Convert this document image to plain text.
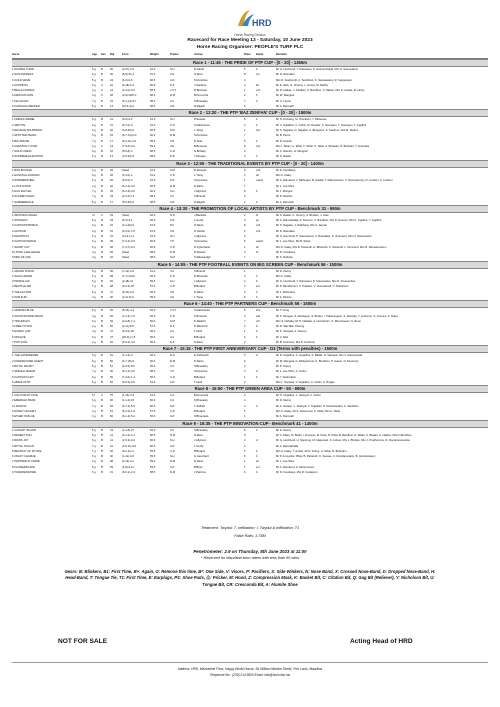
HRD
Horse Racing Division
Racecard for Race Meeting 13 - Saturday, 10 June 2023
Horse Racing Organiser: PEOPLE'S TURF PLC
Horse	Age Sex Rtg	Form	Weight	Trainer	Jockey	Draw Equip	Remarks
Race 1 - 11:45 - THE PRIDE OF PTP CUP - [0 - 20] - 1365m
1 DOUBLE THINK	6 g B	20	(3-27)-0-4	61.0	S.H	D.Gandi	5	b	Mr G. Hurchund, Y. Ramassur, P. Gramoochaud, Mrs N. Sreeneebus
2 SAN ANDREAS	6 g B	20	(5-5)-61-4	61.0	V.H	N.Ross	8	c/u	Mr D. Ramdass
3 GOLD WAVE	5 g B	24	(4-2)-0-6	60.5	A.D	S.Donohoe	4	Mrs D. Seeboruth, A. Sembhoo, K. Veerasawmy, R. Suppaniyen
4 CAPRIOTA	6 g C	22	(4-18)-6-3	60.5	D.Z	J.Gardiner	3	bh	Mr D. Ziah, G. Choony, L. Goopy, M. Daddy
5 BELLA FIORINO	4 g C	21	(3-4-0)-0-3	58.5	J.V.T	R.Bowman	1	vcb	Mr R. Halkes, J. Chalkes, K. Bundhoo, V. Naiken, Mrs D. Lebale, M. Henry
6 AFRICAN FATE	4 g C	28	(4-9)-GPK-1	58.0	R.M	B.Dromoshi	2	b	Mr W. Mangeot
7 FALAH RAY	7 g B	15	(5-4-14)-8-7	58.0	V.A	S.Bheekary	7	h	Mr C. Leprie
8 CAROLINA REAPER	5 g B	14	(15-3-4)-0	58.0	A.R	R.Rajesh	6	Mr A. Ramnath
Race 2 - 12:20 - THE PTP 'BAZ ZENFAN' CUP - [0 - 20] - 1500m
1 FRENCH REBEL	6 g B	21	(9-6)-0-2	61.0	S.H	P.Nossan	6	b	Mr N. Ah-Hang, M. Orockoon, Y. Ribeenee
2 SMUTTE	6 g B	21	(6-7-0)-0	61.0	C.D	K.Matchanan	2	b	Mr V. Gujadhur, C. Gohin, M. Rosetel, S. Veerapen, T. Veerapen, T. Jugdhut
3 DHARLIE SOUPERON	6 g B	20	(6-8-20)-0	60.5	S.M	L.Tiang	1	vbc	Mr S. Nagalso, D. Nagalso, K. Bongoroo, K. Seebrun, Mrs M. Taukun
4 SPOTTED PEARL	5 g B	15	(9-7-14)-0-0	60.0	R.M	S.Donohoe	7	Mr B. Pierre
5 BIG SMOKE	7 g B	17	(5-4-11)-2-0	59.5	V.R	D.Sola	5	b	Mr R. Hosuth
6 CHESTNUT COVE	4 g C	13	(7-9-6)-0-0	59.0	V.E	B.Bowman	8	vcb	Mrs I. Tahan, A. Tahar, F. Tahar, S. Tahar, A. Behadur, N. Behadur, Y. Gramdas
7 GOLD LINING	6 g B	16	(5-0-8)-4	58.5	C.R	N.Birhday	4	Mr C. Ramkin, H. Mungoel
8 SUPREME ELEVATION	6 g B	14	(3-6-29)-5	58.0	N.R	Y.Mungee	3	b	Mr S. Rawat
Race 3 - 12:55 - THE TRADITIONAL EVENTS BY PTP CUP - [0 - 20] - 1400m
1 BON BOYAGE	4 g B	25	(New)	61.0	S.M	D.Dooeyle	6	vstt	Mr D. Fooddeep
2 HANSTALLHORNAN	6 g B	26	(3-4-0)-1	61.0	C.D	L.Tiang	4	sb	Mrs K. Daley
3 SOMMERSTEEL	6 g B	26	(6-0-0)-0	61.0	K.R	S.Donohoe	1	cap/ct	Mr A. Ramasud, J. Rathogoo, B. Gadda, T. Mahnoomoot, U. Nooroptonoty, D. Lutchun, F. Lutchun
4 LOCK DOWN	4 g B	20	(5-3-4)-0-0	60.5	R.M	D.Davis	7	Mr J. Lee-Shim
5 HAO FAZ NAL	7 g B	25	(6-4-3)-0-0	60.0	S.H	J.Allynson	8	b	Mr J. Mungoo
6 SACRED NIGHT	7 g B	23	(4-3-27)-3	58.5	V.A	S.Bhendt	5	Mr D. Ramkin
7 SUMMERHOLE	5 g B	17	(5-0-20)-6	58.0	A.R	R.Rajesh	2	b	Mr A. Ramnath
Race 4 - 13:30 - THE PROMOTION OF LOCAL ARTISTS BY PTP CUP - Benchmark 31 - 990m
1 IMPOSING ANGEL	4 f C	33	(New)	62.0	N.R	J.Bardotte	2	tb	Mr S. Rawat, C. Choony, S. Bholtoo, J. Jean
2 STRAIGHT	5 g B	33	(5-3)-3-1	62.0	A.R	L.Gordy	9	sp	Mr A. Ramnathalla, R. Doorum, K. Bundhoo, Mrs D. Doorum, Mrs K. Jugdhut, Y. Jugdhut
3 CAPTAINSTRIMAN	4 g B	31	(4-4-20)-5	61.5	P.V	D.Davis	8	vcb	Mr S. Nagalso, J. Rathbany, Mrs A. Jaynan
4 ALISTAIR	4 g B	34	(4-0-0)-7-0	61.0	V.H	N.Teehal	3	vcb	Mr D. Ramdass
5 MAURITIUS	5 g B	31	(14-2-1)-2	61.0	S.H	J.Allynson	6	Mr S. Hurchund, P. Sreeneebus, V. Ramdassi, S. Jhurnress, Mrs N. Sreeneebus
6 CAPTAIN PERSIA	6 g B	35	(7-3-4)-0-5	60.5	Y.P	S.Donohoe	5	cap/ct	Mr J. Lee-Shim, Ms B. Sohat
7 SHORT CUT	5 g B	28	(7-4-7)-0-4	60.0	C.D	D.Cyberhand	1	sb	Mrs K. Daley, Mrs B. Peiteruth, H. Bholooth, K. Peiteruth, L. Durmond, Mrs R. Ramasundrum
8 LIVING CHALLENGE	4 g B	25	(New)	58.0	D.M	R.Rowwe	4	tb	Mr D. Foodceep
9 MIDL MU [IN]	4 g B	22	(New)	58.0	S.M	S.Wilesandgh	7	Mr S. Ricketts
Race 5 - 14:05 - THE PTP FOOTBALL EVENTS ON BIG SCREEN CUP - Benchmark 56 - 1500m
1 GRAND VISION	5 g B	56	(7-12)-0-5	61.0	V.A	S.Bhendt	1	Mr D. Danny
2 SHAH NAMAR	5 g B	58	(7-7)-GOG	60.0	C.D	D.Dhurpath	3	b	Mrs K. Daley
3 PRINCE ALF	5 g B	52	(3-18)-12	59.5	S.H	J.Allynson	2	b	Mr G. Hurchund, Y. Ramassur, P. Sreeneebus, Mrs N. Sreeneebus
4 BEATTLE KID	7 g B	48	(9-3-3)-20	57.0	C.D	B.Bodpul	4	evt	Mr P. Ramdhunun, S. Pratikoo, V. Venuvahsell, C. Robertson
5 THE FACTOR	6 g B	47	(6-14)-0-2	56.0	V.H	D.Davis	5	b	Mr J. Robertson
6 ZUM ZUM	4 g B	40	(2-11-5)-9	55.0	V.H	L.Tiang	6	b	Mr A. Riviere
Race 6 - 14:40 - THE PTP PARTNERS CUP - Benchmark 56 - 1500m
1 ARIZONA BLUE	6 g B	56	(5-13)-4-1	62.0	J.V.T	S.Matchanan	5	vbc	Mr T. Peng
2 COUNTRYSIDE MAGIC	4 g B	56	(1-2-4)-7-0	60.0	C.R	K.Bowman	3	ewt	Mr K. Mungee, S. Ramlogun, S. Bodoo, I. Palamougam, S. Mootrap, T. Luchmun, S. Goonoo, K. Daisy
3 TRAUDIGAC	6 g B	52	(2-0-8)-7-1	60.0	S.M	D.Ratford	7	cr/t	Mrs S. Nahaita, Mr N. Nahaita, A. Hurrochurn, S. Moorooveen, S. Rene
4 FREE TO WIN	4 g B	50	(4-11)-8-5	57.0	D.K	D.Machretz	4	b	Mr D. Wai Wan Cheong
5 HARDO LAW	4 g B	47	(6-3-0)-20	56.0	V.A	T.Asoll	1	b	Mr K. Soopaul, A. Seeroo
6 OPAQUE	6 g B	47	(20-11)-7-5	56.0	V.A	B.Bodpul	6	b	Mr V. Allet
7 POP ICON	4 g B	40	(6-0-2)-4-0	56.0	D.Z	N.Ross	2	Mr B. Luchmun, Mrs P. Luchmun
Race 7 - 15:15 - THE PTP FIRST ANNIVERSARY CUP - D3 (Terms with penalties) - 1500m
1 THE GATEKEEPER	5 g B	51	(1-1-2)-3	62.0	R.G	R.Jodhenah	5	ct	Mr R. Gujadhur, C. Gujadhur, S. Ballah, N. Sobnack, Mrs V. Ramperstad
2 UNDERCOVER AGENT	6 g B	50	(4-7-18)-0	60.0	R.M	D.Davis	6	Mr M. Mangeot, K. Adhiparemel, G. Bundhoo, P. Jeetun, N. Peerunsy
3 ROYAL WILDFY	5 g B	51	(4-2-5)-8-0	60.0	V.A	S.Bheekary	4	Mr D. Danny
4 SPECIAL BLEND	7 g B	50	(5-1-2)-0-2	58.0	Y.P	S.Donohoe	3	ct	Mr J. Lee-Shim, C. Gohin
5 CAPTAIN FLINT	6 g B	50	(7-2-0)-1-1	56.0	C.D	B.Bodpul	1	b	Mr Y. Seebruttun
6 ABSOLUTIST	6 g B	52	(3-0-9)-0-5	54.0	A.D	T.Asoll	2	Mrs L. Soopaul, V. Gujadhur, C. Gohin, K. Ruglex
Race 8 - 15:50 - THE PTP GREEN AREA CUP - 50 - 990m
1 COLOUR MY FATE	5 f C	75	(1-16)-0-3	61.0	A.S	B.Dromoshi	2	Mr O. Gujadhur, L. Seebyal, C. Gohin
2 EMERALD BAND	6 g B	66	(1-1-2)-15	60.0	V.A	S.Bheekary	4	Mr D. Danny
3 LICKETIG	7 g B	69	(4-7-3)-5-5	60.0	S.R	T.Jodhall	3	b	Mr A. Hossan, L. Seebyal, V. Gujadhur, S. Ramsaoodoo, A. Sambhoo
4 HONEY NUGGET	4 g B	61	(6-4-3)-1-0	57.0	C.D	B.Bodpul	5	Mrs K. Daley, Mr S. Nooromud, K. Tahar, Mrs A. Tahar
5 ETHER IN BLUE	4 g B	60	(6-1-4)-5-2	56.0	A.R	S.Bhuenack	1	Mr A. Ramnath
Race 9 - 16:35 - THE PTP INNOVATION CUP - Benchmark 41 - 1400m
1 CANARY ISLAND	5 g B	43	(1-1-8)-27	62.0	V.A	S.Bheekary	8	b	Mr D. Danny
2 DESERT SON	5 g B	41	(3-1-4)-4-1	60.5	R.M	N.Ross	9	Mr V. Daley, M. Bollet, I. Dosman, M. Doby, R. Phial, B. Bandhoo, R. Bollet, S. Basant, A. Naidoo, Mrs P. Bundhoo
3 ROWS JOY	6 g B	41	(2-5-3)-0-3	60.0	S.H	J.Allynson	2	ct	Mr G. Hurchund, H. Nopirong, M. Alapenaut, S. Jurkun, Mrs L. Bholtoo, Mrs J. Prudhomme, R. Dooramooreedoo
4 ROYAL ITALIAN	7 g B	41	(4-5-11)-0-0	60.0	A.R	L.Gordy	4	Mr A. Ramnathalla
5 BESTDAY OF MYLIFE	7 g B	40	(3-2-11)-4	59.5	C.D	B.Bodpul	3	b	Mrs K. Daley, T. Amber, Mr D. Jhang, H. Tahar, N. Bohoram
6 CRAZY CHARLIE	6 g B	40	(1-12)-0-0	59.5	S.H	G.Ganchard	5	b	Mr P. Amourdon Pillay, B. Pabaruth, K. Seesee, C. Ramdamodum, B. Gondowsamy
7 PARTNER IN CRIME	6 g B	38	(4-16)-2-1	59.0	R.M	D.Davis	1	sb	Mr J. Lee-Shim
8 FLOWERSCAPE	5 g B	39	(4-8)-0-11	59.0	K.R	B.Bhim	7	evt	Mr A. Ramasud, K. Moorooveen
9 TOWARENDOWE	6 g B	31	(8-0-1)-2-3	58.5	D.M	J.Patchoo	6	b	Mr D. Foodceep, Mrs R. Foolaporn
Treatment: Twydul: 7, Infiltration: I, Twydul & Infiltration: T1
False Rails: 3.75M
Penetrometer: 2.9 on Thursday, 8th June 2023 at 11:00
* Reserved for Mauritian born riders with less than 50 wins
Gears: B: Blinkers, B1: First Time, B+: Again, O: Remove this time, B*: One Side, V: Visors, P: Pacifiers, S: Side Winkers, N: Nose Band, X: Crossed Nose-Band, D: Dropped Nose-Band, H: Head-Band, T: Tongue Tie, T1: First Time, E: Earplugs, PS: Shoe Pads, @: Pricker, M: Hood, Z: Compression Mask, K: Basket Bit, C: Citation Bit, Q: Gag Bit (Reliever), Y: Nicholson Bit, U: Tongue Bit, CR: Cresconda Bit, A: Alumite Shoe
NOT FOR SALE	Acting Head of HRD
Address: HRD, Mezzanine Floor, Happy World House, Sir William Newton Street, Port Louis, Mauritius
Telephone No.: (230) 214 5600 Email: info@hrd.mhsi.mu
